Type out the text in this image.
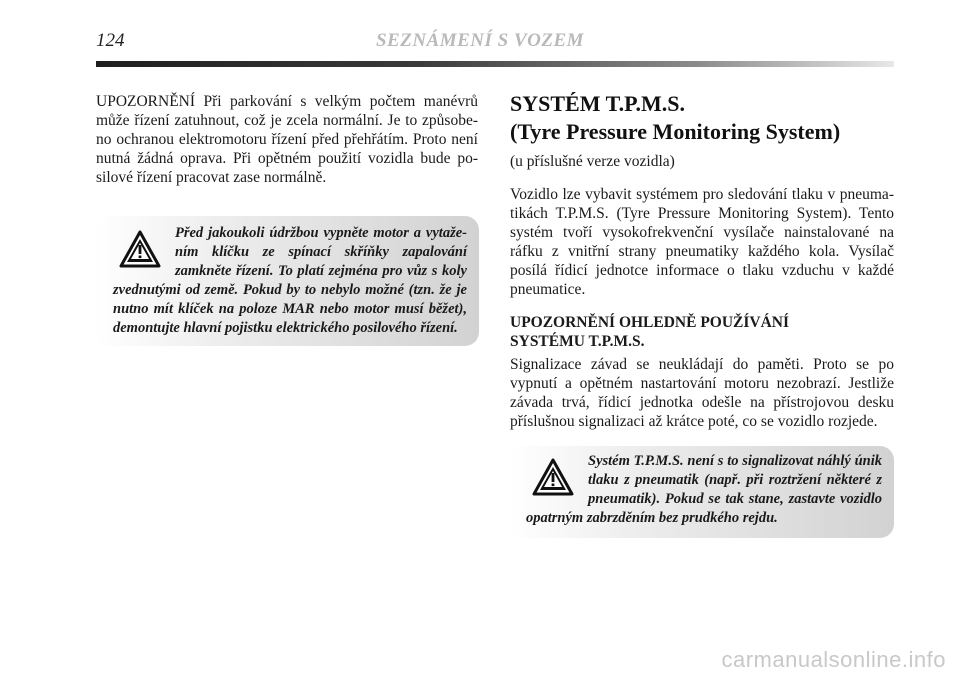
124	SEZNÁMENÍ S VOZEM

UPOZORNĚNÍ Při parkování s velkým počtem manévrů může řízení zatuhnout, což je zcela normální. Je to způsobeno ochranou elektromotoru řízení před přehřátím. Proto není nutná žádná oprava. Při opětném použití vozidla bude posilové řízení pracovat zase normálně.

Před jakoukoli údržbou vypněte motor a vytažením klíčku ze spínací skříňky zapalování zamkněte řízení. To platí zejména pro vůz s koly zvednutými od země. Pokud by to nebylo možné (tzn. že je nutno mít klíček na poloze MAR nebo motor musí běžet), demontujte hlavní pojistku elektrického posilového řízení.

SYSTÉM T.P.M.S.
(Tyre Pressure Monitoring System)

(u příslušné verze vozidla)

Vozidlo lze vybavit systémem pro sledování tlaku v pneumatikách T.P.M.S. (Tyre Pressure Monitoring System). Tento systém tvoří vysokofrekvenční vysílače nainstalované na ráfku z vnitřní strany pneumatiky každého kola. Vysílač posílá řídicí jednotce informace o tlaku vzduchu v každé pneumatice.

UPOZORNĚNÍ OHLEDNĚ POUŽÍVÁNÍ
SYSTÉMU T.P.M.S.

Signalizace závad se neukládají do paměti. Proto se po vypnutí a opětném nastartování motoru nezobrazí. Jestliže závada trvá, řídicí jednotka odešle na přístrojovou desku příslušnou signalizaci až krátce poté, co se vozidlo rozjede.

Systém T.P.M.S. není s to signalizovat náhlý únik tlaku z pneumatik (např. při roztržení některé z pneumatik). Pokud se tak stane, zastavte vozidlo opatrným zabrzděním bez prudkého rejdu.

carmanualsonline.info
